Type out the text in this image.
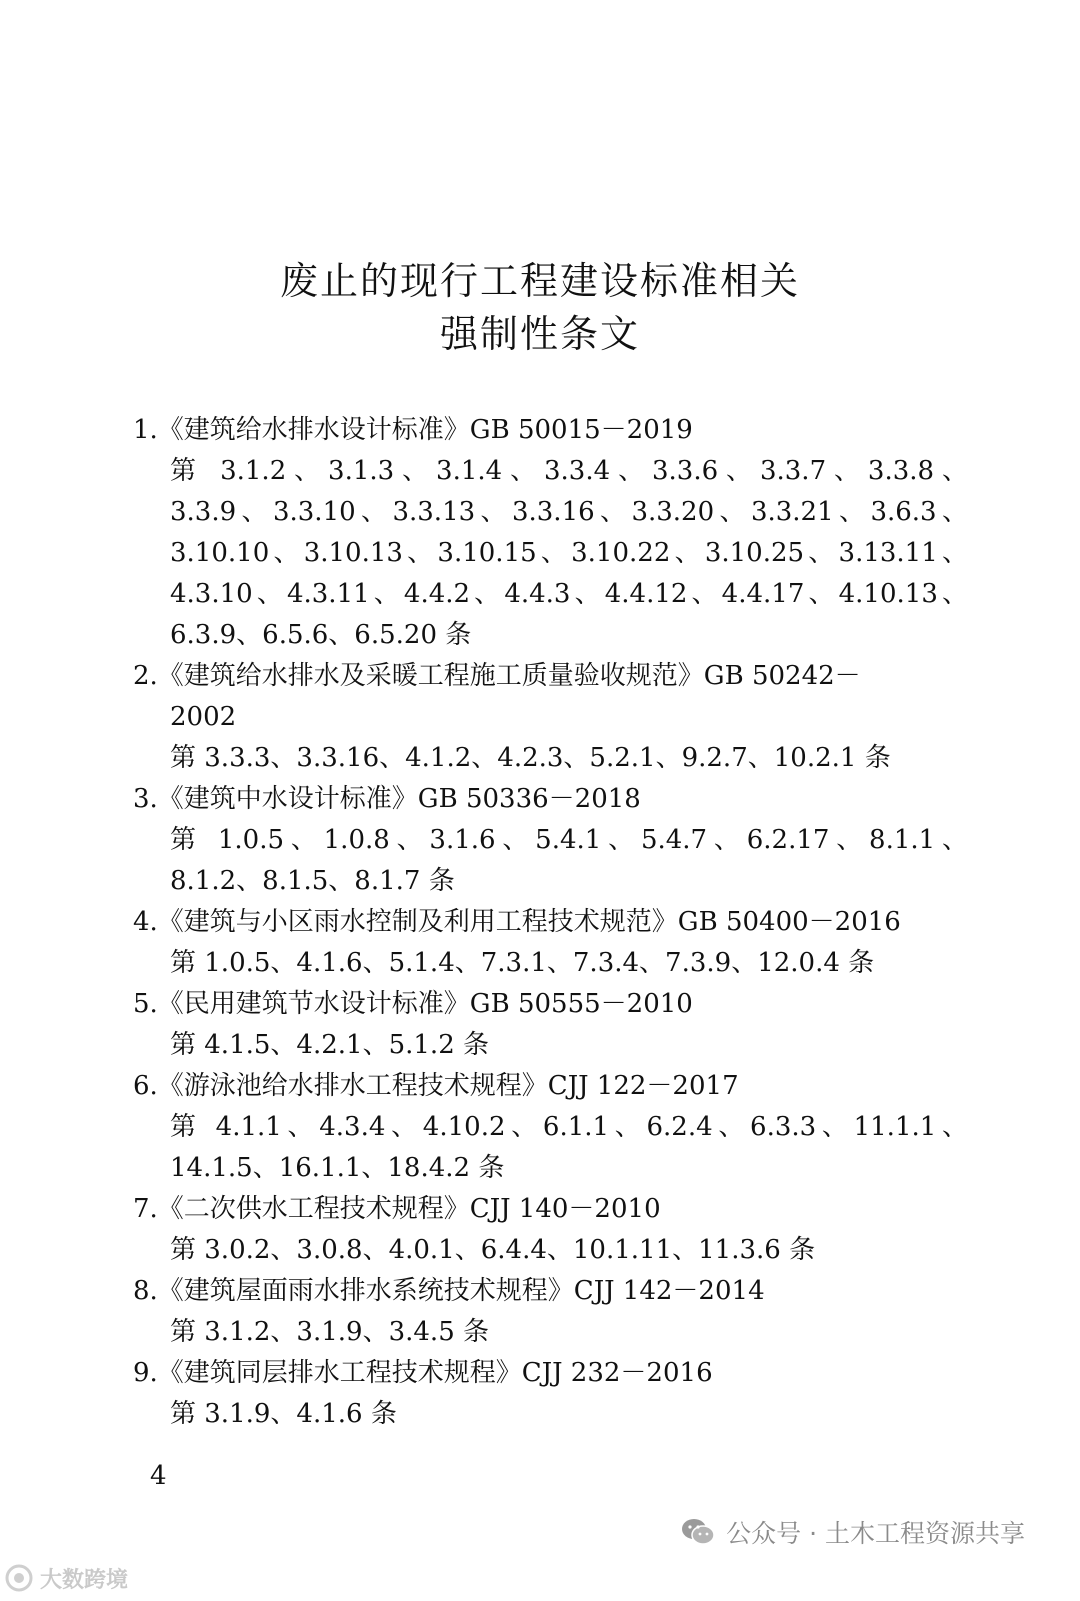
废止的现行工程建设标准相关
强制性条文
1.《建筑给水排水设计标准》GB 50015－2019
第 3.1.2、3.1.3、3.1.4、3.3.4、3.3.6、3.3.7、3.3.8、
3.3.9、3.3.10、3.3.13、3.3.16、3.3.20、3.3.21、3.6.3、
3.10.10、3.10.13、3.10.15、3.10.22、3.10.25、3.13.11、
4.3.10、4.3.11、4.4.2、4.4.3、4.4.12、4.4.17、4.10.13、
6.3.9、6.5.6、6.5.20 条
2.《建筑给水排水及采暖工程施工质量验收规范》GB 50242－
2002
第 3.3.3、3.3.16、4.1.2、4.2.3、5.2.1、9.2.7、10.2.1 条
3.《建筑中水设计标准》GB 50336－2018
第 1.0.5、1.0.8、3.1.6、5.4.1、5.4.7、6.2.17、8.1.1、
8.1.2、8.1.5、8.1.7 条
4.《建筑与小区雨水控制及利用工程技术规范》GB 50400－2016
第 1.0.5、4.1.6、5.1.4、7.3.1、7.3.4、7.3.9、12.0.4 条
5.《民用建筑节水设计标准》GB 50555－2010
第 4.1.5、4.2.1、5.1.2 条
6.《游泳池给水排水工程技术规程》CJJ 122－2017
第 4.1.1、4.3.4、4.10.2、6.1.1、6.2.4、6.3.3、11.1.1、
14.1.5、16.1.1、18.4.2 条
7.《二次供水工程技术规程》CJJ 140－2010
第 3.0.2、3.0.8、4.0.1、6.4.4、10.1.11、11.3.6 条
8.《建筑屋面雨水排水系统技术规程》CJJ 142－2014
第 3.1.2、3.1.9、3.4.5 条
9.《建筑同层排水工程技术规程》CJJ 232－2016
第 3.1.9、4.1.6 条
4
公众号 · 土木工程资源共享
大数跨境
